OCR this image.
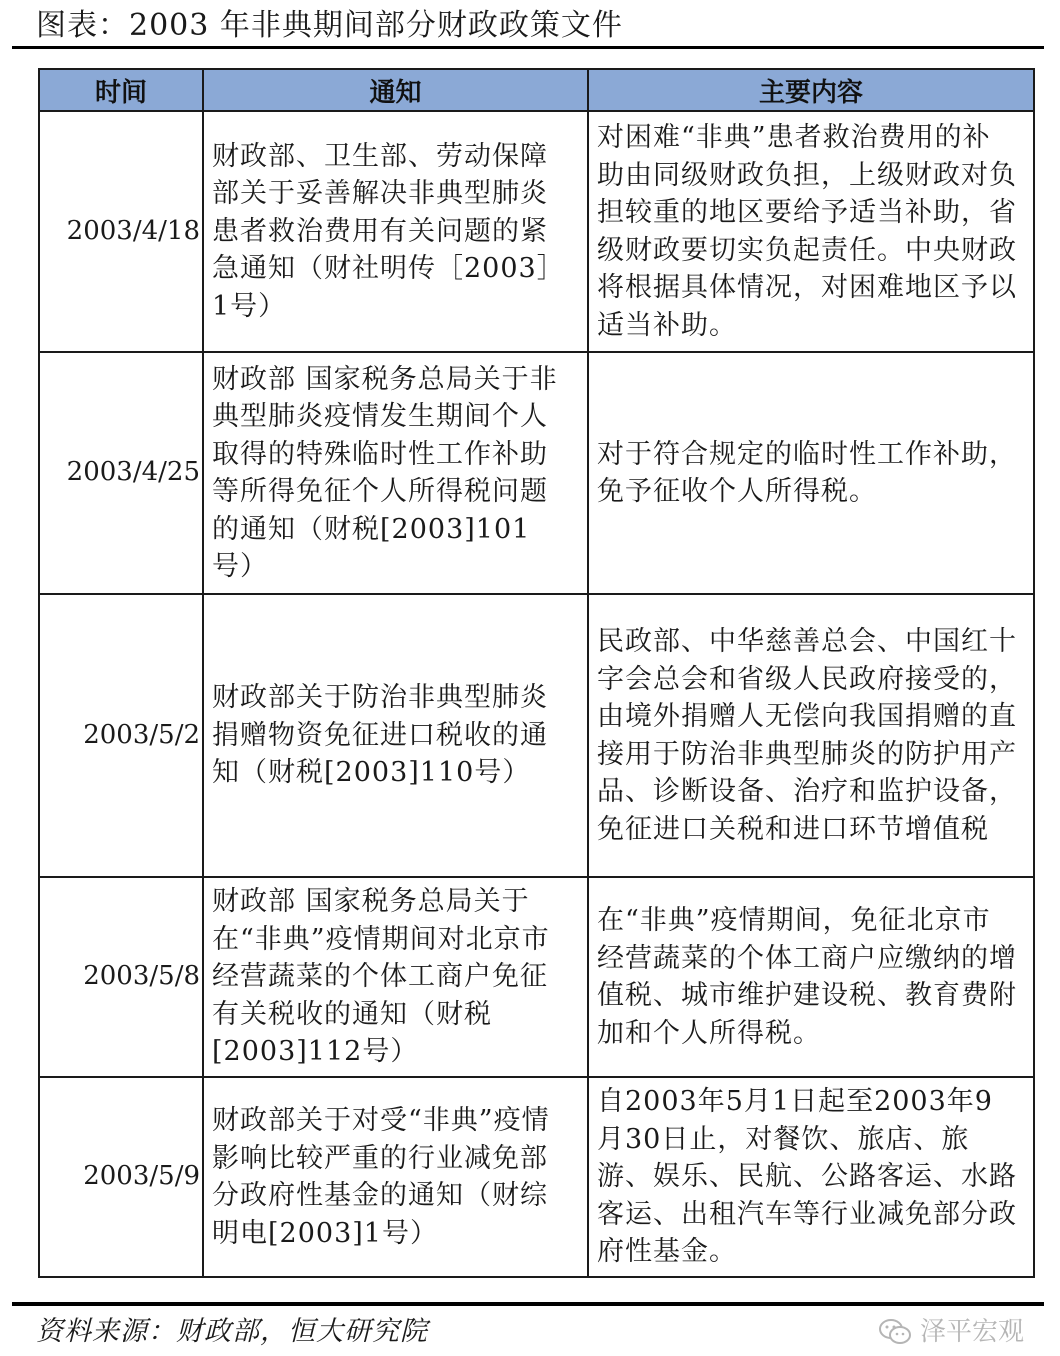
图表：2003 年非典期间部分财政政策文件
时间	通知	主要内容
2003/4/18	财政部、卫生部、劳动保障部关于妥善解决非典型肺炎患者救治费用有关问题的紧急通知（财社明传［2003］1号）	对困难“非典”患者救治费用的补助由同级财政负担，上级财政对负担较重的地区要给予适当补助，省级财政要切实负起责任。中央财政将根据具体情况，对困难地区予以适当补助。
2003/4/25	财政部 国家税务总局关于非典型肺炎疫情发生期间个人取得的特殊临时性工作补助等所得免征个人所得税问题的通知（财税[2003]101号）	对于符合规定的临时性工作补助，免予征收个人所得税。
2003/5/2	财政部关于防治非典型肺炎捐赠物资免征进口税收的通知（财税[2003]110号）	民政部、中华慈善总会、中国红十字会总会和省级人民政府接受的，由境外捐赠人无偿向我国捐赠的直接用于防治非典型肺炎的防护用产品、诊断设备、治疗和监护设备，免征进口关税和进口环节增值税
2003/5/8	财政部 国家税务总局关于在“非典”疫情期间对北京市经营蔬菜的个体工商户免征有关税收的通知（财税[2003]112号）	在“非典”疫情期间，免征北京市经营蔬菜的个体工商户应缴纳的增值税、城市维护建设税、教育费附加和个人所得税。
2003/5/9	财政部关于对受“非典”疫情影响比较严重的行业减免部分政府性基金的通知（财综明电[2003]1号）	自2003年5月1日起至2003年9月30日止，对餐饮、旅店、旅游、娱乐、民航、公路客运、水路客运、出租汽车等行业减免部分政府性基金。
资料来源：财政部，恒大研究院	泽平宏观
